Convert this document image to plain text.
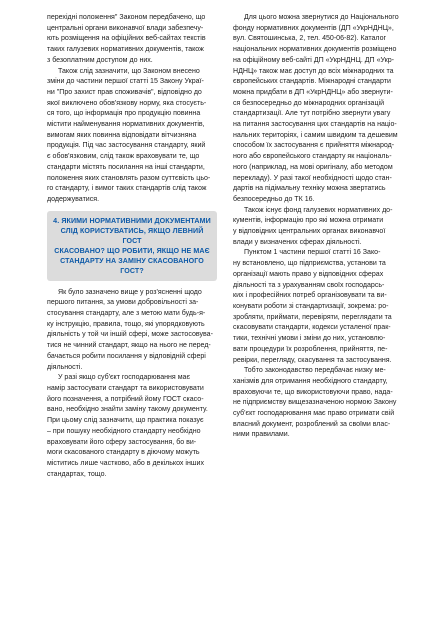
перехідні положення" Законом передбачено, що
центральні органи виконавчої влади забезпечу-
ють розміщення на офіційних веб-сайтах текстів
таких галузевих нормативних документів, також
з безоплатним доступом до них.

Також слід зазначити, що Законом внесено
зміни до частини першої статті 15 Закону Украї-
ни "Про захист прав споживачів", відповідно до
якої виключено обов'язкову норму, яка стосуєть-
ся того, що інформація про продукцію повинна
містити найменування нормативних документів,
вимогам яких повинна відповідати вітчизняна
продукція. Під час застосування стандарту, який
є обов'язковим, слід також враховувати те, що
стандарти містять посилання на інші стандарти,
положення яких становлять разом суттєвість цьо-
го стандарту, і вимог таких стандартів слід також
додержуватися.

4. ЯКИМИ НОРМАТИВНИМИ ДОКУМЕНТАМИ
СЛІД КОРИСТУВАТИСЬ, ЯКЩО ЛЕВНИЙ ГОСТ
СКАСОВАНО? ЩО РОБИТИ, ЯКЩО НЕ МАЄ
СТАНДАРТУ НА ЗАМІНУ СКАСОВАНОГО ГОСТ?

Як було зазначено вище у роз'ясненні щодо
першого питання, за умови добровільності за-
стосування стандарту, але з метою мати будь-я-
ку інструкцію, правила, тощо, які упорядковують
діяльність у той чи іншій сфері, може застосовува-
тися не чинний стандарт, якщо на нього не перед-
бачається робити посилання у відповідній сфері
діяльності.

У разі якщо суб'єкт господарювання має
намір застосувати стандарт та використовувати
його позначення, а потрібний йому ГОСТ скасо-
вано, необхідно знайти заміну такому документу.
При цьому слід зазначити, що практика показує
– при пошуку необхідного стандарту необхідно
враховувати його сферу застосування, бо ви-
моги скасованого стандарту в діючому можуть
міститись лише частково, або в декількох інших
стандартах, тощо.

Для цього можна звернутися до Національного
фонду нормативних документів (ДП «УкрНДНЦ»,
вул. Святошинська, 2, тел. 450-06-82). Каталог
національних нормативних документів розміщено
на офіційному веб-сайті ДП «УкрНДНЦ. ДП «Укр-
НДНЦ» також має доступ до всіх міжнародних та
європейських стандартів. Міжнародні стандарти
можна придбати в ДП «УкрНДНЦ» або звернути-
ся безпосередньо до міжнародних організацій
стандартизації. Але тут потрібно звернути увагу
на питання застосування цих стандартів на націо-
нальних територіях, і самим швидким та дешевим
способом їх застосування є прийняття міжнарод-
ного або європейського стандарту як національ-
ного (наприклад, на мові оригіналу, або методом
перекладу). У разі такої необхідності щодо стан-
дартів на підімальну техніку можна звертатись
безпосередньо до ТК 16.

Також існує фонд галузевих нормативних до-
кументів, інформацію про які можна отримати
у відповідних центральних органах виконавчої
влади у визначених сферах діяльності.

Пунктом 1 частини першої статті 16 Зако-
ну встановлено, що підприємства, установи та
організації мають право у відповідних сферах
діяльності та з урахуванням своїх господарсь-
ких і професійних потреб організовувати та ви-
конувати роботи зі стандартизації, зокрема: ро-
зробляти, приймати, перевіряти, переглядати та
скасовувати стандарти, кодекси усталеної прак-
тики, технічні умови і зміни до них, установлю-
вати процедури їх розроблення, прийняття, пе-
ревірки, перегляду, скасування та застосування.

Тобто законодавство передбачає низку ме-
ханізмів для отримання необхідного стандарту,
враховуючи те, що використовуючи право, нада-
не підприємству вищезазначеною нормою Закону
суб'єкт господарювання має право отримати свій
власний документ, розроблений за своїми влас-
ними правилами.
